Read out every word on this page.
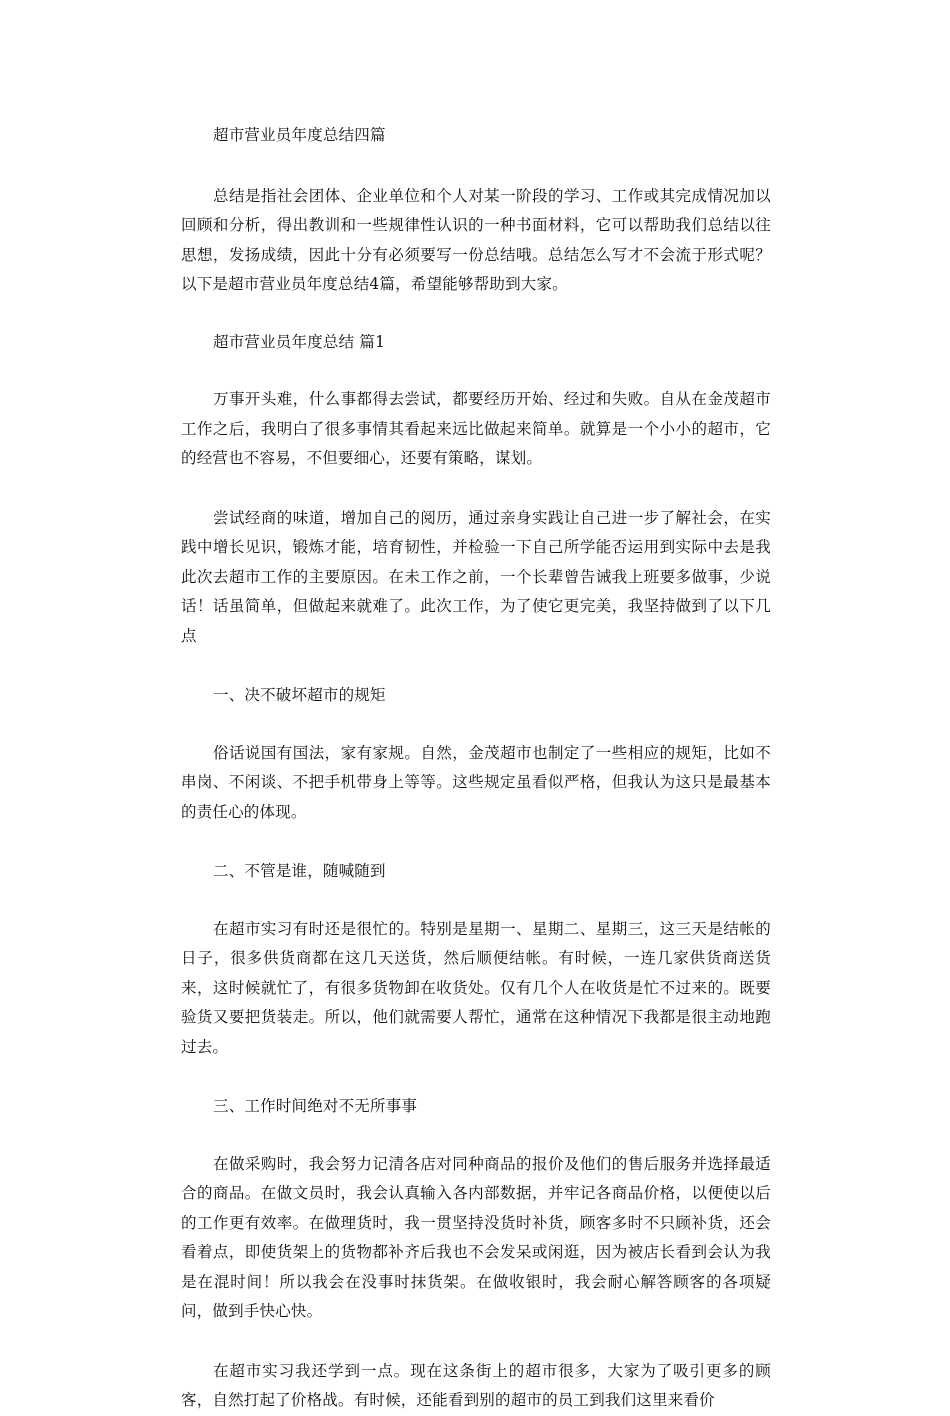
超市营业员年度总结四篇

总结是指社会团体、企业单位和个人对某一阶段的学习、工作或其完成情况加以回顾和分析，得出教训和一些规律性认识的一种书面材料，它可以帮助我们总结以往思想，发扬成绩，因此十分有必须要写一份总结哦。总结怎么写才不会流于形式呢？以下是超市营业员年度总结4篇，希望能够帮助到大家。

超市营业员年度总结 篇1

万事开头难，什么事都得去尝试，都要经历开始、经过和失败。自从在金茂超市工作之后，我明白了很多事情其看起来远比做起来简单。就算是一个小小的超市，它的经营也不容易，不但要细心，还要有策略，谋划。

尝试经商的味道，增加自己的阅历，通过亲身实践让自己进一步了解社会，在实践中增长见识，锻炼才能，培育韧性，并检验一下自己所学能否运用到实际中去是我此次去超市工作的主要原因。在未工作之前，一个长辈曾告诫我上班要多做事，少说话！话虽简单，但做起来就难了。此次工作，为了使它更完美，我坚持做到了以下几点

一、决不破坏超市的规矩

俗话说国有国法，家有家规。自然，金茂超市也制定了一些相应的规矩，比如不串岗、不闲谈、不把手机带身上等等。这些规定虽看似严格，但我认为这只是最基本的责任心的体现。

二、不管是谁，随喊随到

在超市实习有时还是很忙的。特别是星期一、星期二、星期三，这三天是结帐的日子，很多供货商都在这几天送货，然后顺便结帐。有时候，一连几家供货商送货来，这时候就忙了，有很多货物卸在收货处。仅有几个人在收货是忙不过来的。既要验货又要把货装走。所以，他们就需要人帮忙，通常在这种情况下我都是很主动地跑过去。

三、工作时间绝对不无所事事

在做采购时，我会努力记清各店对同种商品的报价及他们的售后服务并选择最适合的商品。在做文员时，我会认真输入各内部数据，并牢记各商品价格，以便使以后的工作更有效率。在做理货时，我一贯坚持没货时补货，顾客多时不只顾补货，还会看着点，即使货架上的货物都补齐后我也不会发呆或闲逛，因为被店长看到会认为我是在混时间！所以我会在没事时抹货架。在做收银时，我会耐心解答顾客的各项疑问，做到手快心快。

在超市实习我还学到一点。现在这条街上的超市很多，大家为了吸引更多的顾客，自然打起了价格战。有时候，还能看到别的超市的员工到我们这里来看价
